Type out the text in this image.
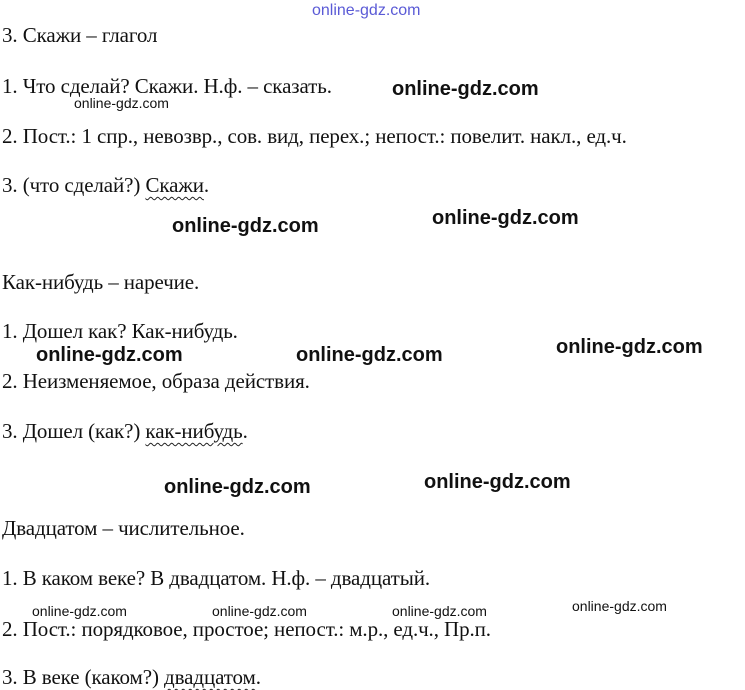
3. Скажи – глагол
1. Что сделай? Скажи. Н.ф. – сказать.
2. Пост.: 1 спр., невозвр., сов. вид, перех.; непост.: повелит. накл., ед.ч.
3. (что сделай?) Скажи.
Как-нибудь – наречие.
1. Дошел как? Как-нибудь.
2. Неизменяемое, образа действия.
3. Дошел (как?) как-нибудь.
Двадцатом – числительное.
1. В каком веке? В двадцатом. Н.ф. – двадцатый.
2. Пост.: порядковое, простое; непост.: м.р., ед.ч., Пр.п.
3. В веке (каком?) двадцатом.
online-gdz.com
online-gdz.com
online-gdz.com
online-gdz.com
online-gdz.com
online-gdz.com
online-gdz.com	online-gdz.com
online-gdz.com
online-gdz.com
online-gdz.com
online-gdz.com	online-gdz.com	online-gdz.com
